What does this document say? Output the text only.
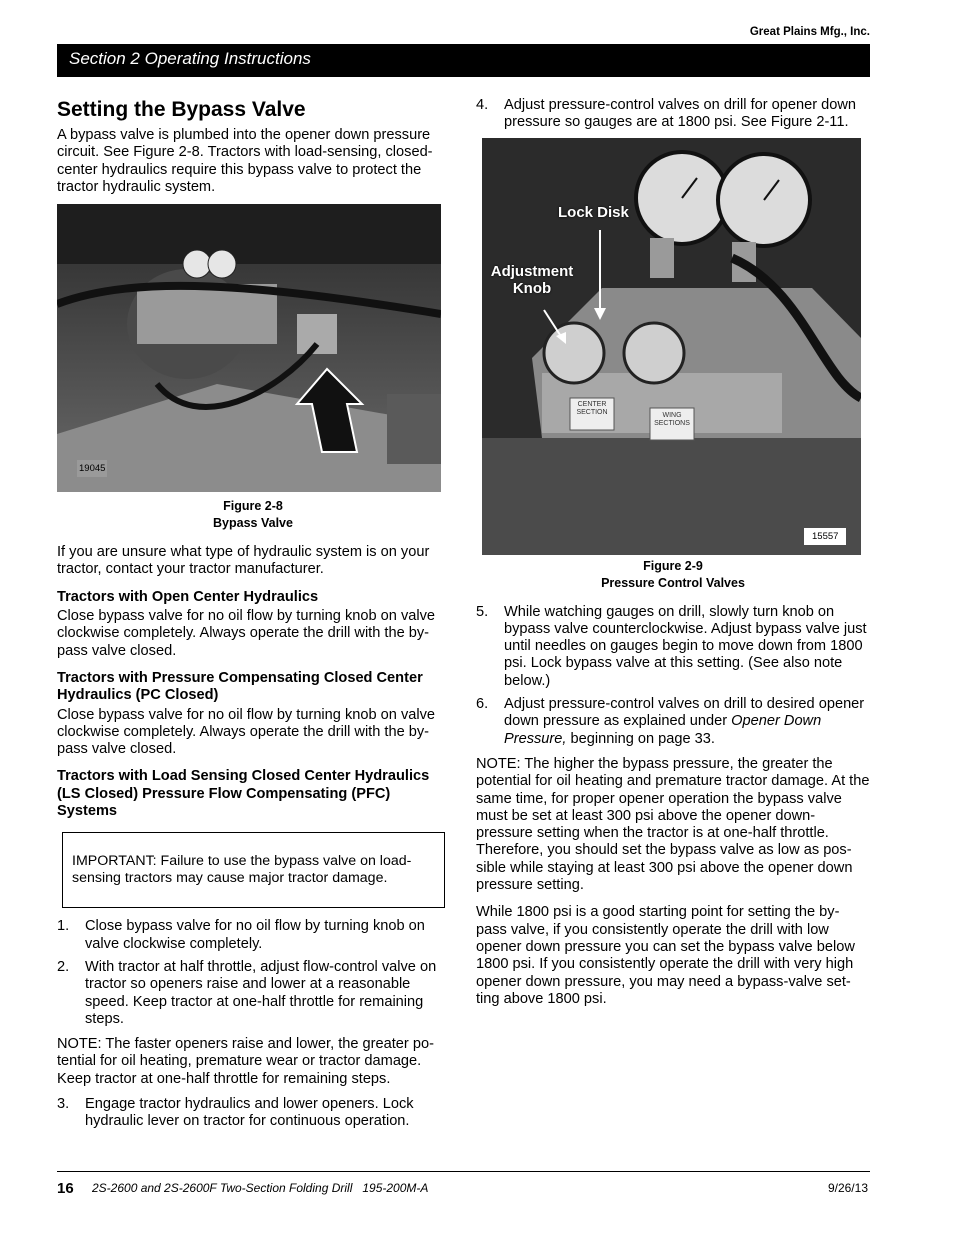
Great Plains Mfg., Inc.
Section 2 Operating Instructions
Setting the Bypass Valve

A bypass valve is plumbed into the opener down pressure circuit. See Figure 2-8. Tractors with load-sensing, closed-center hydraulics require this bypass valve to protect the tractor hydraulic system.

19045
Figure 2-8
Bypass Valve

If you are unsure what type of hydraulic system is on your tractor, contact your tractor manufacturer.

Tractors with Open Center Hydraulics

Close bypass valve for no oil flow by turning knob on valve clockwise completely. Always operate the drill with the by-pass valve closed.

Tractors with Pressure Compensating Closed Center Hydraulics (PC Closed)

Close bypass valve for no oil flow by turning knob on valve clockwise completely. Always operate the drill with the by-pass valve closed.

Tractors with Load Sensing Closed Center Hydraulics (LS Closed) Pressure Flow Compensating (PFC) Systems
IMPORTANT: Failure to use the bypass valve on load-sensing tractors may cause major tractor damage.
1. Close bypass valve for no oil flow by turning knob on valve clockwise completely.
2. With tractor at half throttle, adjust flow-control valve on tractor so openers raise and lower at a reasonable speed. Keep tractor at one-half throttle for remaining steps.

NOTE: The faster openers raise and lower, the greater po-tential for oil heating, premature wear or tractor damage. Keep tractor at one-half throttle for remaining steps.

3. Engage tractor hydraulics and lower openers. Lock hydraulic lever on tractor for continuous operation.
4. Adjust pressure-control valves on drill for opener down pressure so gauges are at 1800 psi. See Figure 2-11.
Lock Disk
Adjustment Knob
CENTER SECTION	WING SECTIONS
15557
Figure 2-9
Pressure Control Valves
5. While watching gauges on drill, slowly turn knob on bypass valve counterclockwise. Adjust bypass valve just until needles on gauges begin to move down from 1800 psi. Lock bypass valve at this setting. (See also note below.)
6. Adjust pressure-control valves on drill to desired opener down pressure as explained under Opener Down Pressure, beginning on page 33.

NOTE: The higher the bypass pressure, the greater the potential for oil heating and premature tractor damage. At the same time, for proper opener operation the bypass valve must be set at least 300 psi above the opener down-pressure setting when the tractor is at one-half throttle. Therefore, you should set the bypass valve as low as pos-sible while staying at least 300 psi above the opener down pressure setting.

While 1800 psi is a good starting point for setting the by-pass valve, if you consistently operate the drill with low opener down pressure you can set the bypass valve below 1800 psi. If you consistently operate the drill with very high opener down pressure, you may need a bypass-valve set-ting above 1800 psi.

16 2S-2600 and 2S-2600F Two-Section Folding Drill   195-200M-A	9/26/13
